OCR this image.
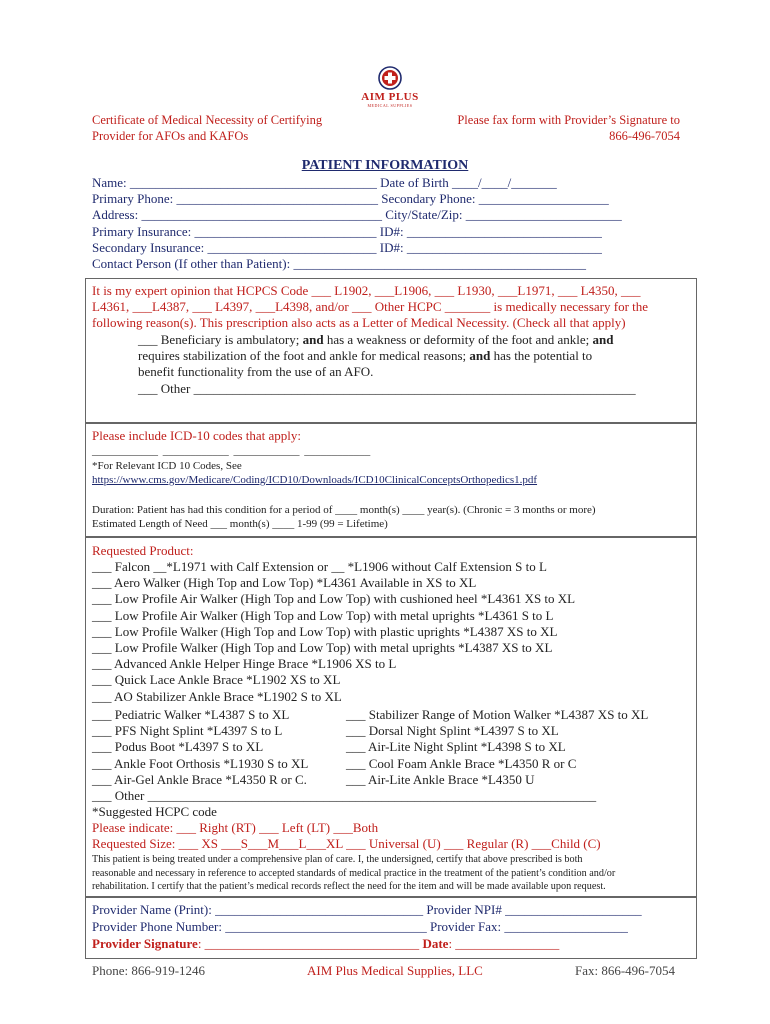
AIM PLUS
MEDICAL SUPPLIES
Certificate of Medical Necessity of Certifying
Provider for AFOs and KAFOs
Please fax form with Provider’s Signature to
866-496-7054
PATIENT INFORMATION
Name: ______________________________________ Date of Birth ____/____/_______
Primary Phone: _______________________________ Secondary Phone: ____________________
Address: _____________________________________ City/State/Zip: ________________________
Primary Insurance: ____________________________ ID#: ______________________________
Secondary Insurance: __________________________ ID#: ______________________________
Contact Person (If other than Patient): _____________________________________________
It is my expert opinion that HCPCS Code ___ L1902, ___L1906, ___ L1930, ___L1971, ___ L4350, ___
L4361, ___L4387, ___ L4397, ___L4398, and/or ___ Other HCPC _______ is medically necessary for the
following reason(s). This prescription also acts as a Letter of Medical Necessity. (Check all that apply)
___ Beneficiary is ambulatory; and has a weakness or deformity of the foot and ankle; and
requires stabilization of the foot and ankle for medical reasons; and has the potential to
benefit functionality from the use of an AFO.
___ Other ____________________________________________________________________
Please include ICD-10 codes that apply:
____________ ____________ ____________ ____________
*For Relevant ICD 10 Codes, See
https://www.cms.gov/Medicare/Coding/ICD10/Downloads/ICD10ClinicalConceptsOrthopedics1.pdf
Duration: Patient has had this condition for a period of ____ month(s) ____ year(s). (Chronic = 3 months or more)
Estimated Length of Need ___ month(s) ____ 1-99 (99 = Lifetime)
Requested Product:
___ Falcon __*L1971 with Calf Extension or __ *L1906 without Calf Extension S to L
___ Aero Walker (High Top and Low Top) *L4361 Available in XS to XL
___ Low Profile Air Walker (High Top and Low Top) with cushioned heel *L4361 XS to XL
___ Low Profile Air Walker (High Top and Low Top) with metal uprights *L4361 S to L
___ Low Profile Walker (High Top and Low Top) with plastic uprights *L4387 XS to XL
___ Low Profile Walker (High Top and Low Top) with metal uprights *L4387 XS to XL
___ Advanced Ankle Helper Hinge Brace *L1906 XS to L
___ Quick Lace Ankle Brace *L1902 XS to XL
___ AO Stabilizer Ankle Brace *L1902 S to XL
___ Pediatric Walker *L4387 S to XL
___ PFS Night Splint *L4397 S to L
___ Podus Boot *L4397 S to XL
___ Ankle Foot Orthosis *L1930 S to XL
___ Air-Gel Ankle Brace *L4350 R or C.
___ Stabilizer Range of Motion Walker *L4387 XS to XL
___ Dorsal Night Splint *L4397 S to XL
___ Air-Lite Night Splint *L4398 S to XL
___ Cool Foam Ankle Brace *L4350 R or C
___ Air-Lite Ankle Brace *L4350 U
___ Other _____________________________________________________________________
*Suggested HCPC code
Please indicate: ___ Right (RT) ___ Left (LT) ___Both
Requested Size: ___ XS ___S___M___L___XL ___ Universal (U) ___ Regular (R) ___Child (C)
This patient is being treated under a comprehensive plan of care. I, the undersigned, certify that above prescribed is both
reasonable and necessary in reference to accepted standards of medical practice in the treatment of the patient’s condition and/or
rehabilitation. I certify that the patient’s medical records reflect the need for the item and will be made available upon request.
Provider Name (Print): ________________________________ Provider NPI# _____________________
Provider Phone Number: _______________________________ Provider Fax: ___________________
Provider Signature: _________________________________ Date: ________________
Phone: 866-919-1246	AIM Plus Medical Supplies, LLC	Fax: 866-496-7054
